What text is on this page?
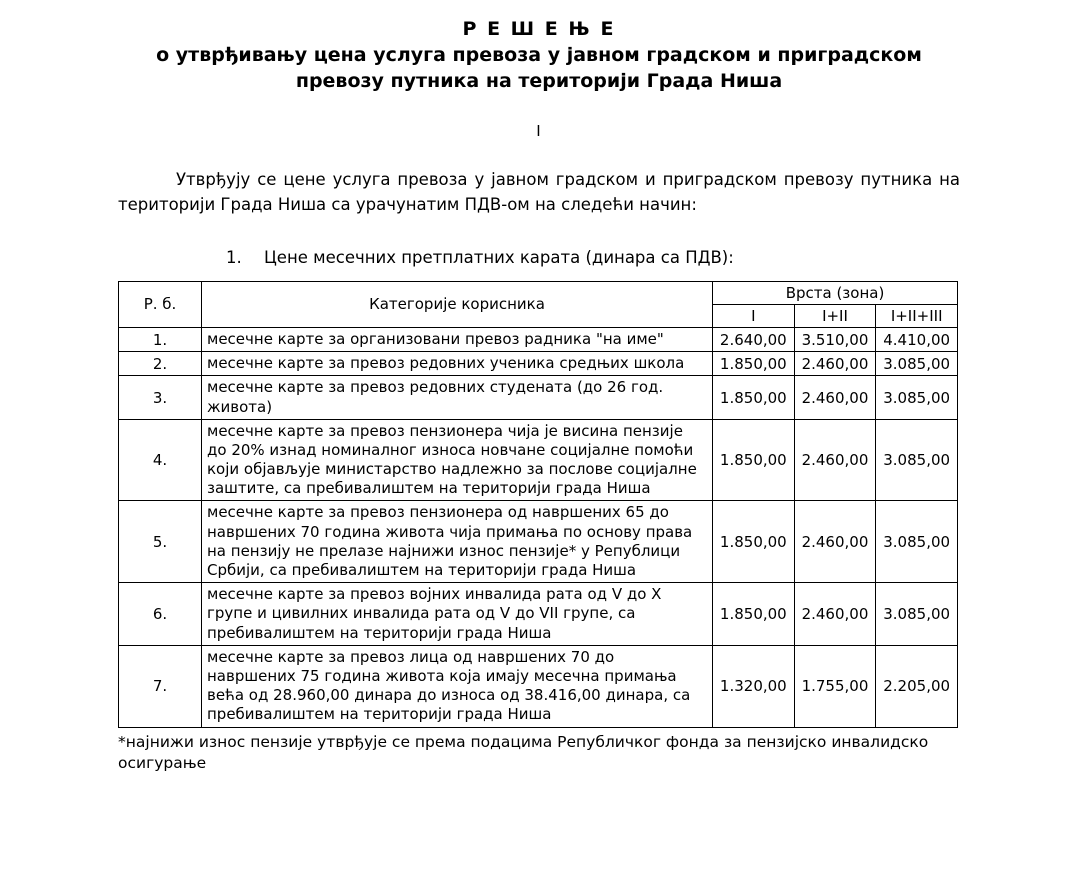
Р Е Ш Е Њ Е
о утврђивању цена услуга превоза у јавном градском и приградском превозу путника на територији Града Ниша
I

Утврђују се цене услуга превоза у јавном градском и приградском превозу путника на територији Града Ниша са урачунатим ПДВ-ом на следећи начин:

1. Цене месечних претплатних карата (динара са ПДВ):
Р. б.	Категорије корисника	Врста (зона)		
		I	I+II	I+II+III
1.	месечне карте за организовани превоз радника "на име"	2.640,00	3.510,00	4.410,00
2.	месечне карте за превоз редовних ученика средњих школа	1.850,00	2.460,00	3.085,00
3.	месечне карте за превоз редовних студената (до 26 год. живота)	1.850,00	2.460,00	3.085,00
4.	месечне карте за превоз пензионера чија је висина пензије до 20% изнад номиналног износа новчане социјалне помоћи који објављује министарство надлежно за послове социјалне заштите, са пребивалиштем на територији града Ниша	1.850,00	2.460,00	3.085,00
5.	месечне карте за превоз пензионера од навршених 65 до навршених 70 година живота чија примања по основу права на пензију не прелазе најнижи износ пензије* у Републици Србији, са пребивалиштем на територији града Ниша	1.850,00	2.460,00	3.085,00
6.	месечне карте за превоз војних инвалида рата од V до X групе и цивилних инвалида рата од V до VII групе, са пребивалиштем на територији града Ниша	1.850,00	2.460,00	3.085,00
7.	месечне карте за превоз лица од навршених 70 до навршених 75 година живота која имају месечна примања већа од 28.960,00 динара до износа од 38.416,00 динара, са пребивалиштем на територији града Ниша	1.320,00	1.755,00	2.205,00

*најнижи износ пензије утврђује се према подацима Републичког фонда за пензијско инвалидско осигурање
